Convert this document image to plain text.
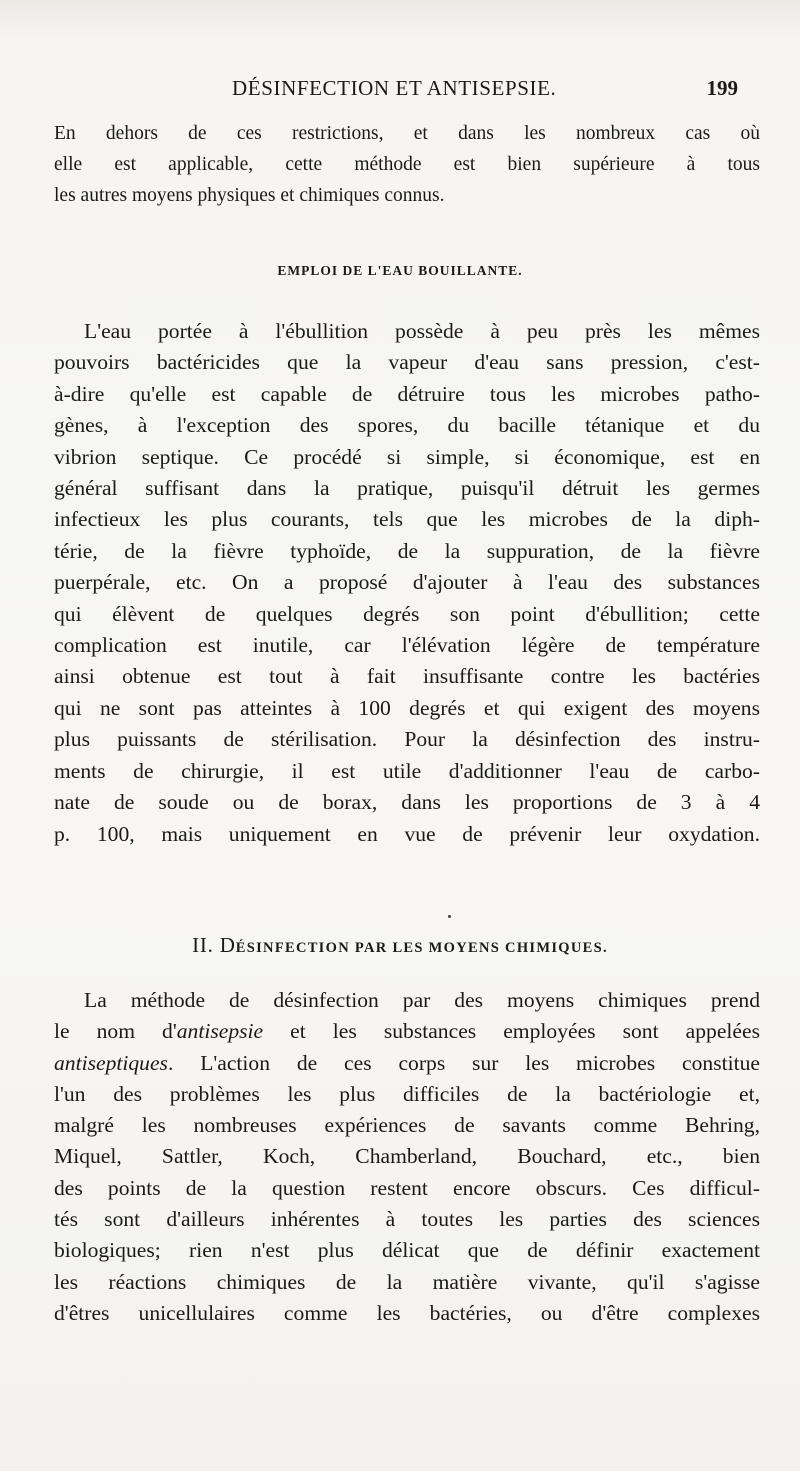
DÉSINFECTION ET ANTISEPSIE.	199
En dehors de ces restrictions, et dans les nombreux cas où
elle est applicable, cette méthode est bien supérieure à tous
les autres moyens physiques et chimiques connus.
EMPLOI DE L'EAU BOUILLANTE.
L'eau portée à l'ébullition possède à peu près les mêmes
pouvoirs bactéricides que la vapeur d'eau sans pression, c'est-
à-dire qu'elle est capable de détruire tous les microbes patho-
gènes, à l'exception des spores, du bacille tétanique et du
vibrion septique. Ce procédé si simple, si économique, est en
général suffisant dans la pratique, puisqu'il détruit les germes
infectieux les plus courants, tels que les microbes de la diph-
térie, de la fièvre typhoïde, de la suppuration, de la fièvre
puerpérale, etc. On a proposé d'ajouter à l'eau des substances
qui élèvent de quelques degrés son point d'ébullition; cette
complication est inutile, car l'élévation légère de température
ainsi obtenue est tout à fait insuffisante contre les bactéries
qui ne sont pas atteintes à 100 degrés et qui exigent des moyens
plus puissants de stérilisation. Pour la désinfection des instru-
ments de chirurgie, il est utile d'additionner l'eau de carbo-
nate de soude ou de borax, dans les proportions de 3 à 4
p. 100, mais uniquement en vue de prévenir leur oxydation.
II. DÉSINFECTION PAR LES MOYENS CHIMIQUES.
La méthode de désinfection par des moyens chimiques prend
le nom d'antisepsie et les substances employées sont appelées
antiseptiques. L'action de ces corps sur les microbes constitue
l'un des problèmes les plus difficiles de la bactériologie et,
malgré les nombreuses expériences de savants comme Behring,
Miquel, Sattler, Koch, Chamberland, Bouchard, etc., bien
des points de la question restent encore obscurs. Ces difficul-
tés sont d'ailleurs inhérentes à toutes les parties des sciences
biologiques; rien n'est plus délicat que de définir exactement
les réactions chimiques de la matière vivante, qu'il s'agisse
d'êtres unicellulaires comme les bactéries, ou d'être complexes
